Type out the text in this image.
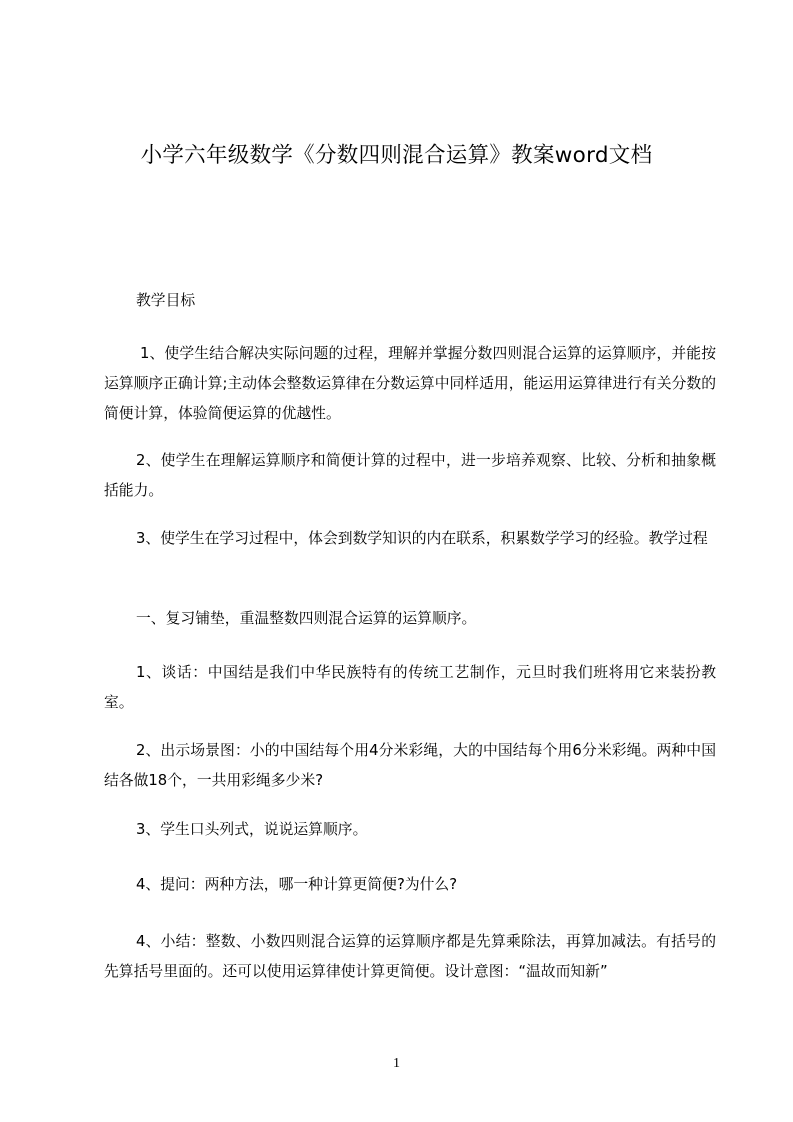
小学六年级数学《分数四则混合运算》教案word文档

教学目标

1、使学生结合解决实际问题的过程，理解并掌握分数四则混合运算的运算顺序，并能按运算顺序正确计算;主动体会整数运算律在分数运算中同样适用，能运用运算律进行有关分数的简便计算，体验简便运算的优越性。

2、使学生在理解运算顺序和简便计算的过程中，进一步培养观察、比较、分析和抽象概括能力。

3、使学生在学习过程中，体会到数学知识的内在联系，积累数学学习的经验。教学过程

一、复习铺垫，重温整数四则混合运算的运算顺序。

1、谈话：中国结是我们中华民族特有的传统工艺制作，元旦时我们班将用它来装扮教室。

2、出示场景图：小的中国结每个用4分米彩绳，大的中国结每个用6分米彩绳。两种中国结各做18个，一共用彩绳多少米?

3、学生口头列式，说说运算顺序。

4、提问：两种方法，哪一种计算更简便?为什么?

4、小结：整数、小数四则混合运算的运算顺序都是先算乘除法，再算加减法。有括号的先算括号里面的。还可以使用运算律使计算更简便。设计意图：“温故而知新”

1
